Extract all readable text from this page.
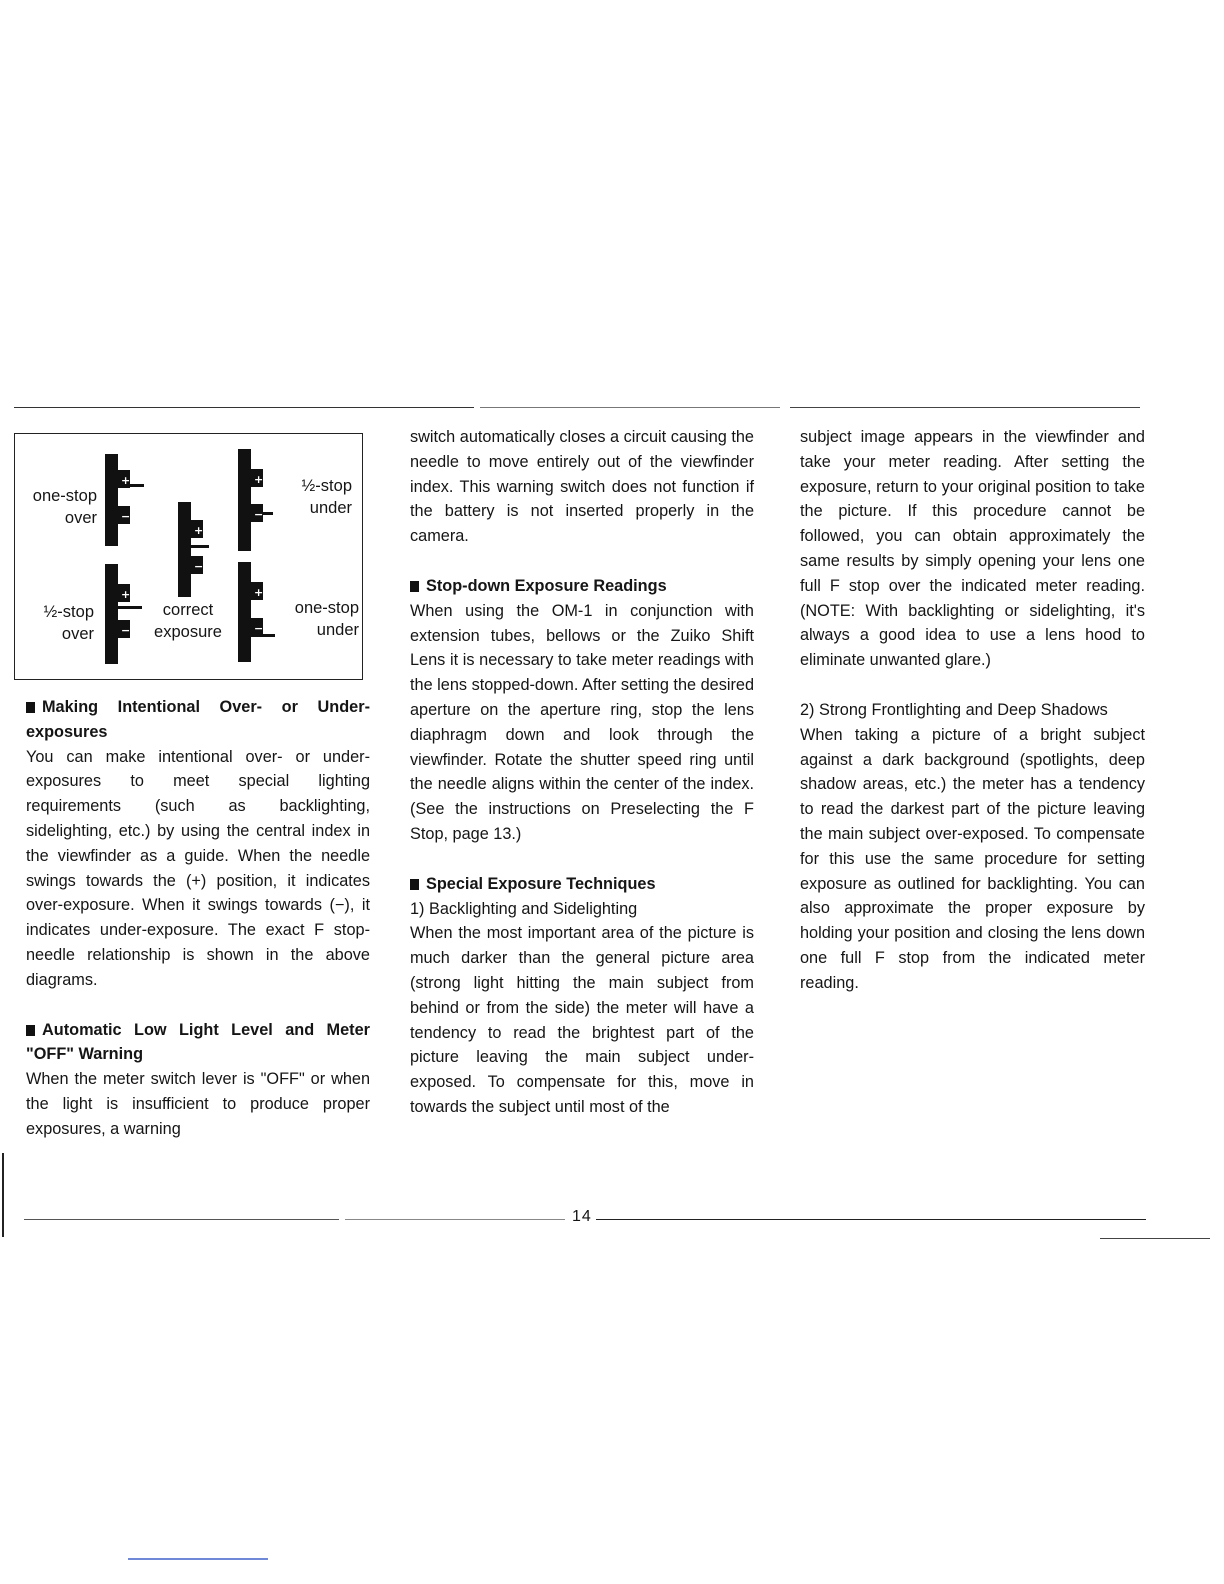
+
−
+
−
+
−
+
−
+
−
one-stop
over
½-stop
under
½-stop
over
correct
exposure
one-stop
under

Making Intentional Over- or Under-exposures

You can make intentional over- or under-exposures to meet special lighting requirements (such as backlighting, sidelighting, etc.) by using the central index in the viewfinder as a guide. When the needle swings towards the (+) position, it indicates over-exposure. When it swings towards (−), it indicates under-exposure. The exact F stop-needle relationship is shown in the above diagrams.

Automatic Low Light Level and Meter "OFF" Warning

When the meter switch lever is "OFF" or when the light is insufficient to produce proper exposures, a warning

switch automatically closes a circuit causing the needle to move entirely out of the viewfinder index. This warning switch does not function if the battery is not inserted properly in the camera.

Stop-down Exposure Readings

When using the OM-1 in conjunction with extension tubes, bellows or the Zuiko Shift Lens it is necessary to take meter readings with the lens stopped-down. After setting the desired aperture on the aperture ring, stop the lens diaphragm down and look through the viewfinder. Rotate the shutter speed ring until the needle aligns within the center of the index. (See the instructions on Preselecting the F Stop, page 13.)

Special Exposure Techniques

1) Backlighting and Sidelighting

When the most important area of the picture is much darker than the general picture area (strong light hitting the main subject from behind or from the side) the meter will have a tendency to read the brightest part of the picture leaving the main subject under-exposed. To compensate for this, move in towards the subject until most of the

subject image appears in the viewfinder and take your meter reading. After setting the exposure, return to your original position to take the picture. If this procedure cannot be followed, you can obtain approximately the same results by simply opening your lens one full F stop over the indicated meter reading. (NOTE: With backlighting or sidelighting, it's always a good idea to use a lens hood to eliminate unwanted glare.)

2) Strong Frontlighting and Deep Shadows

When taking a picture of a bright subject against a dark background (spotlights, deep shadow areas, etc.) the meter has a tendency to read the darkest part of the picture leaving the main subject over-exposed. To compensate for this use the same procedure for setting exposure as outlined for backlighting. You can also approximate the proper exposure by holding your position and closing the lens down one full F stop from the indicated meter reading.

14
